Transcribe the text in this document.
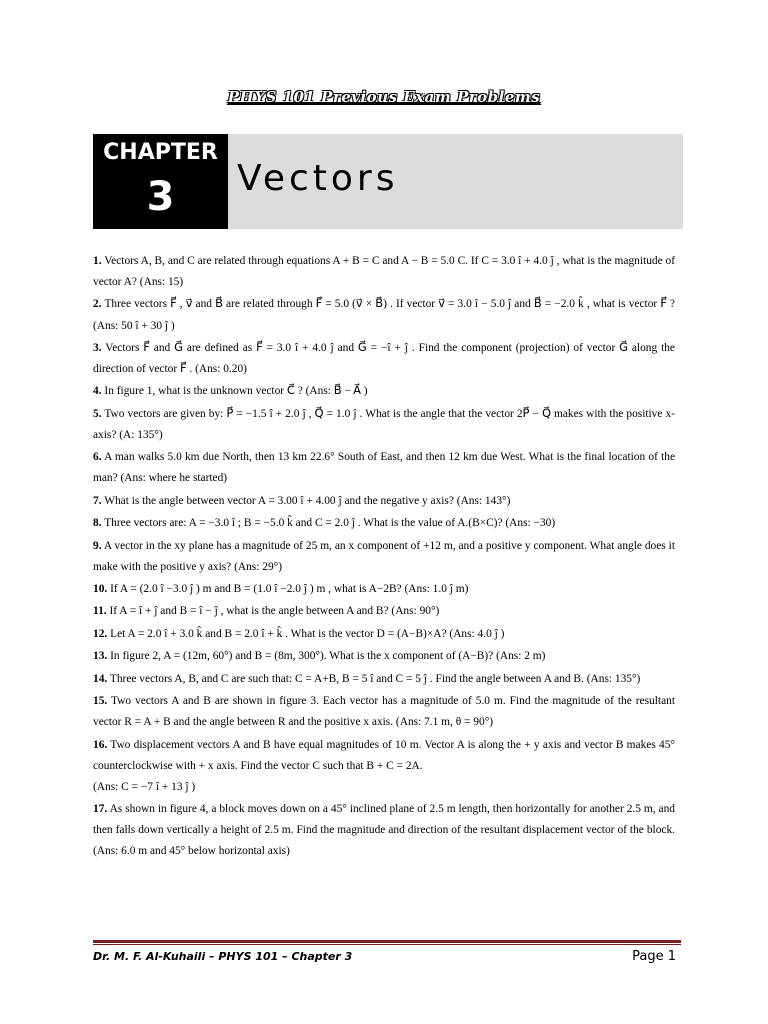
PHYS 101 Previous Exam Problems
CHAPTER
3	Vectors

1. Vectors A, B, and C are related through equations A + B = C and A − B = 5.0 C. If C = 3.0 î + 4.0 ĵ , what is the magnitude of vector A? (Ans: 15)

2. Three vectors F⃗ , v⃗ and B⃗ are related through F⃗ = 5.0 (v⃗ × B⃗) . If vector v⃗ = 3.0 î − 5.0 ĵ and B⃗ = −2.0 k̂ , what is vector F⃗ ? (Ans: 50 î + 30 ĵ )

3. Vectors F⃗ and G⃗ are defined as F⃗ = 3.0 î + 4.0 ĵ and G⃗ = −î + ĵ . Find the component (projection) of vector G⃗ along the direction of vector F⃗ . (Ans: 0.20)

4. In figure 1, what is the unknown vector C⃗ ? (Ans: B⃗ − A⃗ )

5. Two vectors are given by: P⃗ = −1.5 î + 2.0 ĵ , Q⃗ = 1.0 ĵ . What is the angle that the vector 2P⃗ − Q⃗ makes with the positive x-axis? (A: 135°)

6. A man walks 5.0 km due North, then 13 km 22.6° South of East, and then 12 km due West. What is the final location of the man? (Ans: where he started)

7. What is the angle between vector A = 3.00 î + 4.00 ĵ and the negative y axis? (Ans: 143°)

8. Three vectors are: A = −3.0 î ; B = −5.0 k̂ and C = 2.0 ĵ . What is the value of A.(B×C)? (Ans: −30)

9. A vector in the xy plane has a magnitude of 25 m, an x component of +12 m, and a positive y component. What angle does it make with the positive y axis? (Ans: 29°)

10. If A = (2.0 î −3.0 ĵ ) m and B = (1.0 î −2.0 ĵ ) m , what is A−2B? (Ans: 1.0 ĵ m)

11. If A = î + ĵ and B = î − ĵ , what is the angle between A and B? (Ans: 90°)

12. Let A = 2.0 î + 3.0 k̂ and B = 2.0 î + k̂ . What is the vector D = (A−B)×A? (Ans: 4.0 ĵ )

13. In figure 2, A = (12m, 60°) and B = (8m, 300°). What is the x component of (A−B)? (Ans: 2 m)

14. Three vectors A, B, and C are such that: C = A+B, B = 5 î and C = 5 ĵ . Find the angle between A and B. (Ans: 135°)

15. Two vectors A and B are shown in figure 3. Each vector has a magnitude of 5.0 m. Find the magnitude of the resultant vector R = A + B and the angle between R and the positive x axis. (Ans: 7.1 m, θ = 90°)

16. Two displacement vectors A and B have equal magnitudes of 10 m. Vector A is along the + y axis and vector B makes 45° counterclockwise with + x axis. Find the vector C such that B + C = 2A.
(Ans: C = −7 î + 13 ĵ )

17. As shown in figure 4, a block moves down on a 45° inclined plane of 2.5 m length, then horizontally for another 2.5 m, and then falls down vertically a height of 2.5 m. Find the magnitude and direction of the resultant displacement vector of the block. (Ans: 6.0 m and 45° below horizontal axis)

Dr. M. F. Al-Kuhaili – PHYS 101 – Chapter 3	Page 1
